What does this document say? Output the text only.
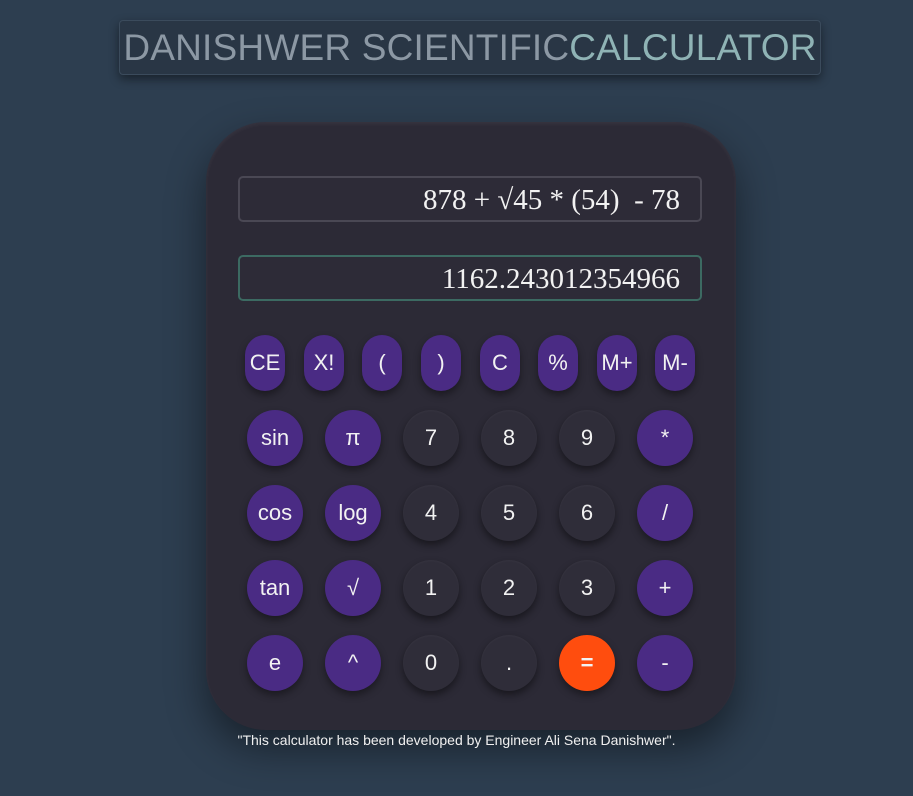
DANISHWER SCIENTIFIC CALCULATOR
878 + √45 * (54)  - 78
1162.243012354966
CE	X!	(	)	C	%	M+	M-
sin	π	7	8	9	*
cos	log	4	5	6	/
tan	√	1	2	3	+
e	^	0	.	=	-
"This calculator has been developed by Engineer Ali Sena Danishwer".
